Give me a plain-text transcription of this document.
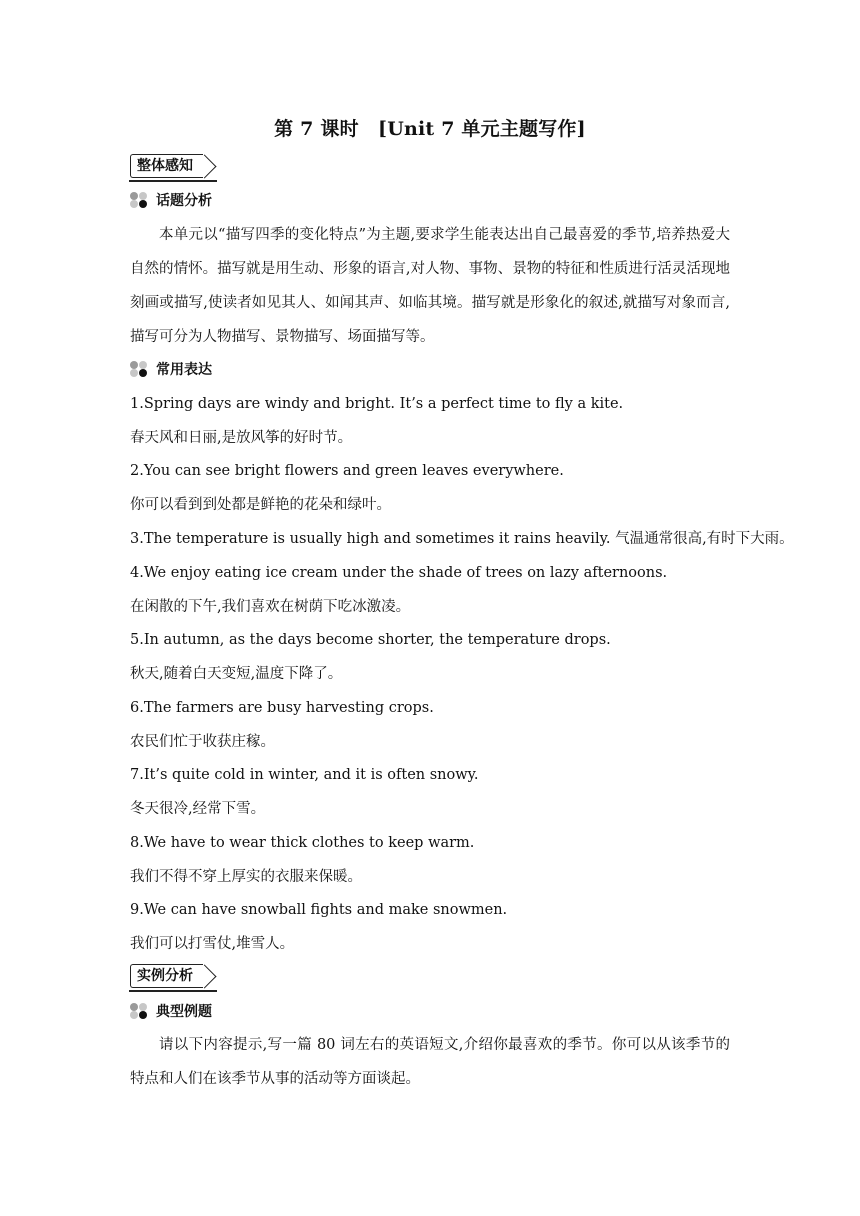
第 7 课时　[Unit 7 单元主题写作]
整体感知
话题分析
本单元以“描写四季的变化特点”为主题,要求学生能表达出自己最喜爱的季节,培养热爱大自然的情怀。描写就是用生动、形象的语言,对人物、事物、景物的特征和性质进行活灵活现地刻画或描写,使读者如见其人、如闻其声、如临其境。描写就是形象化的叙述,就描写对象而言,描写可分为人物描写、景物描写、场面描写等。
常用表达
1.Spring days are windy and bright. It’s a perfect time to fly a kite.
春天风和日丽,是放风筝的好时节。
2.You can see bright flowers and green leaves everywhere.
你可以看到到处都是鲜艳的花朵和绿叶。
3.The temperature is usually high and sometimes it rains heavily. 气温通常很高,有时下大雨。
4.We enjoy eating ice cream under the shade of trees on lazy afternoons.
在闲散的下午,我们喜欢在树荫下吃冰激凌。
5.In autumn, as the days become shorter, the temperature drops.
秋天,随着白天变短,温度下降了。
6.The farmers are busy harvesting crops.
农民们忙于收获庄稼。
7.It’s quite cold in winter, and it is often snowy.
冬天很冷,经常下雪。
8.We have to wear thick clothes to keep warm.
我们不得不穿上厚实的衣服来保暖。
9.We can have snowball fights and make snowmen.
我们可以打雪仗,堆雪人。
实例分析
典型例题
请以下内容提示,写一篇 80 词左右的英语短文,介绍你最喜欢的季节。你可以从该季节的特点和人们在该季节从事的活动等方面谈起。
